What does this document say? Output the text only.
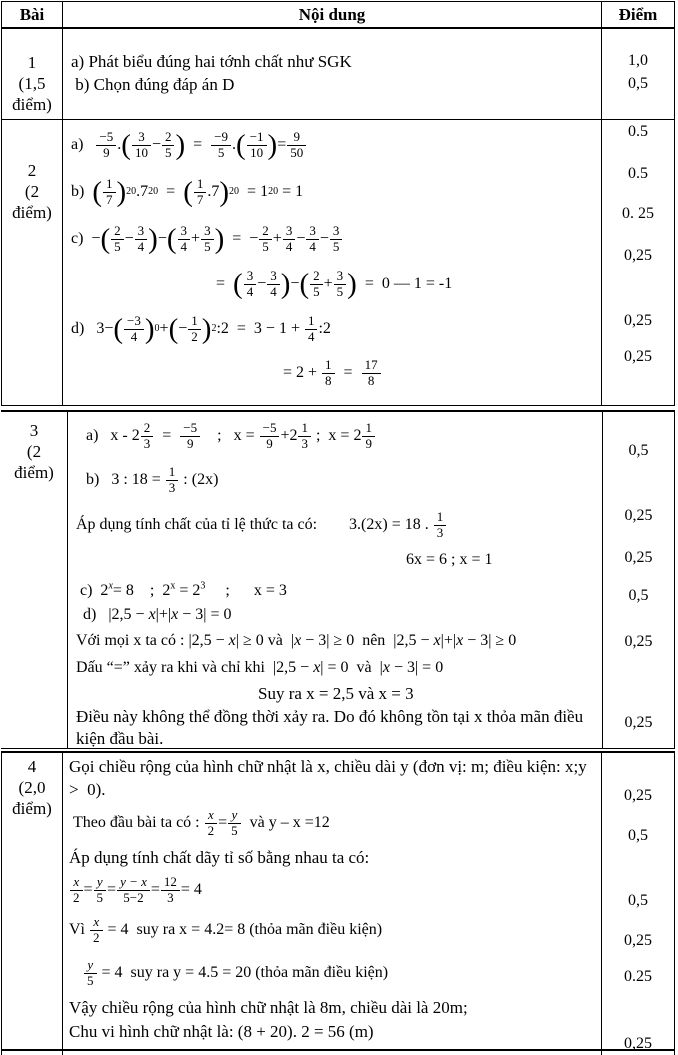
Bài	Nội dung	Điểm
1
(1,5
điểm)
a) Phát biểu đúng hai tớnh chất như SGK
b) Chọn đúng đáp án D
1,0
0,5
2
(2
điểm)
a) −5
9 . ( 3
$10 - \frac{2}{5}$ ) = $\frac{-9}{5}$ . ( −1
10 ) = $\frac{9}{50}$
b) ( 1
7 ) 20 .7 20 = ( 1
7 .7 ) 20 = 1 20 = 1
c)  − ( 2
$5 - \frac{3}{4}$ ) − ( 3
$4 + \frac{3}{5}$ ) =  − $\frac{2}{5} + \frac{3}{4} - \frac{3}{4} - \frac{3}{5}$
= ( 3
$4 - \frac{3}{4}$ ) − ( 2
$5 + \frac{3}{5}$ ) =  0 — 1 = -1
d)   3− ( −3
4 ) 0 + ( − $\frac{1}{2}$ ) 2 :2  =  $3 - 1 + \frac{1}{4}$ :2
= $2 + \frac{1}{8} = \frac{17}{8}$
0.5
0.5
0. 25
0,25
0,25
0,25
3
(2
điểm)
a)   $x - 2 \frac{2}{3} = \frac{-5}{9}$ ;   $x = \frac{-5}{9} +2$ 1
3 ;  x = 2 1
9
b)   3 : $18 = \frac{1}{3}$ : (2x)
Áp dụng tính chất của tỉ lệ thức ta có:        3.(2x) = 18 . 1
3
6x = 6 ; x = 1
c)  $2^x= 8$    ;  $2^x = 2^3$     ;      x = 3
d)   |2,5 − x|+|x − 3| = 0
Với mọi x ta có : |2,5 − x| ≥ 0 và  |x − 3| ≥ 0  nên  |2,5 − x|+|x − 3| ≥ 0
Dấu “=” xảy ra khi và chỉ khi  |2,5 − x| = 0  và  |x − 3| = 0
Suy ra x = 2,5 và x = 3
Điều này không thể đồng thời xảy ra. Do đó không tồn tại x thỏa mãn điều kiện đầu bài.
0,5
0,25
0,25
0,5
0,25
0,25
4
(2,0
điểm)
Gọi chiều rộng của hình chữ nhật là x, chiều dài y (đơn vị: m; điều kiện: x;y >  0).
Theo đầu bài ta có : $\frac{x}{2} = \frac{y}{5}$ và y – x =12
Áp dụng tính chất dãy tỉ số bằng nhau ta có:
$\frac{x}{2} = \frac{y}{5} = \frac{y - x}{5-2} = \frac{12}{3} = 4$
Vì $\frac{x}{2} = 4$  suy ra x = 4.2= 8 (thỏa mãn điều kiện)
$\frac{y}{5} = 4$  suy ra y = 4.5 = 20 (thỏa mãn điều kiện)
Vậy chiều rộng của hình chữ nhật là 8m, chiều dài là 20m;
Chu vi hình chữ nhật là: (8 + 20). 2 = 56 (m)
0,25
0,5
0,5
0,25
0.25
0,25
